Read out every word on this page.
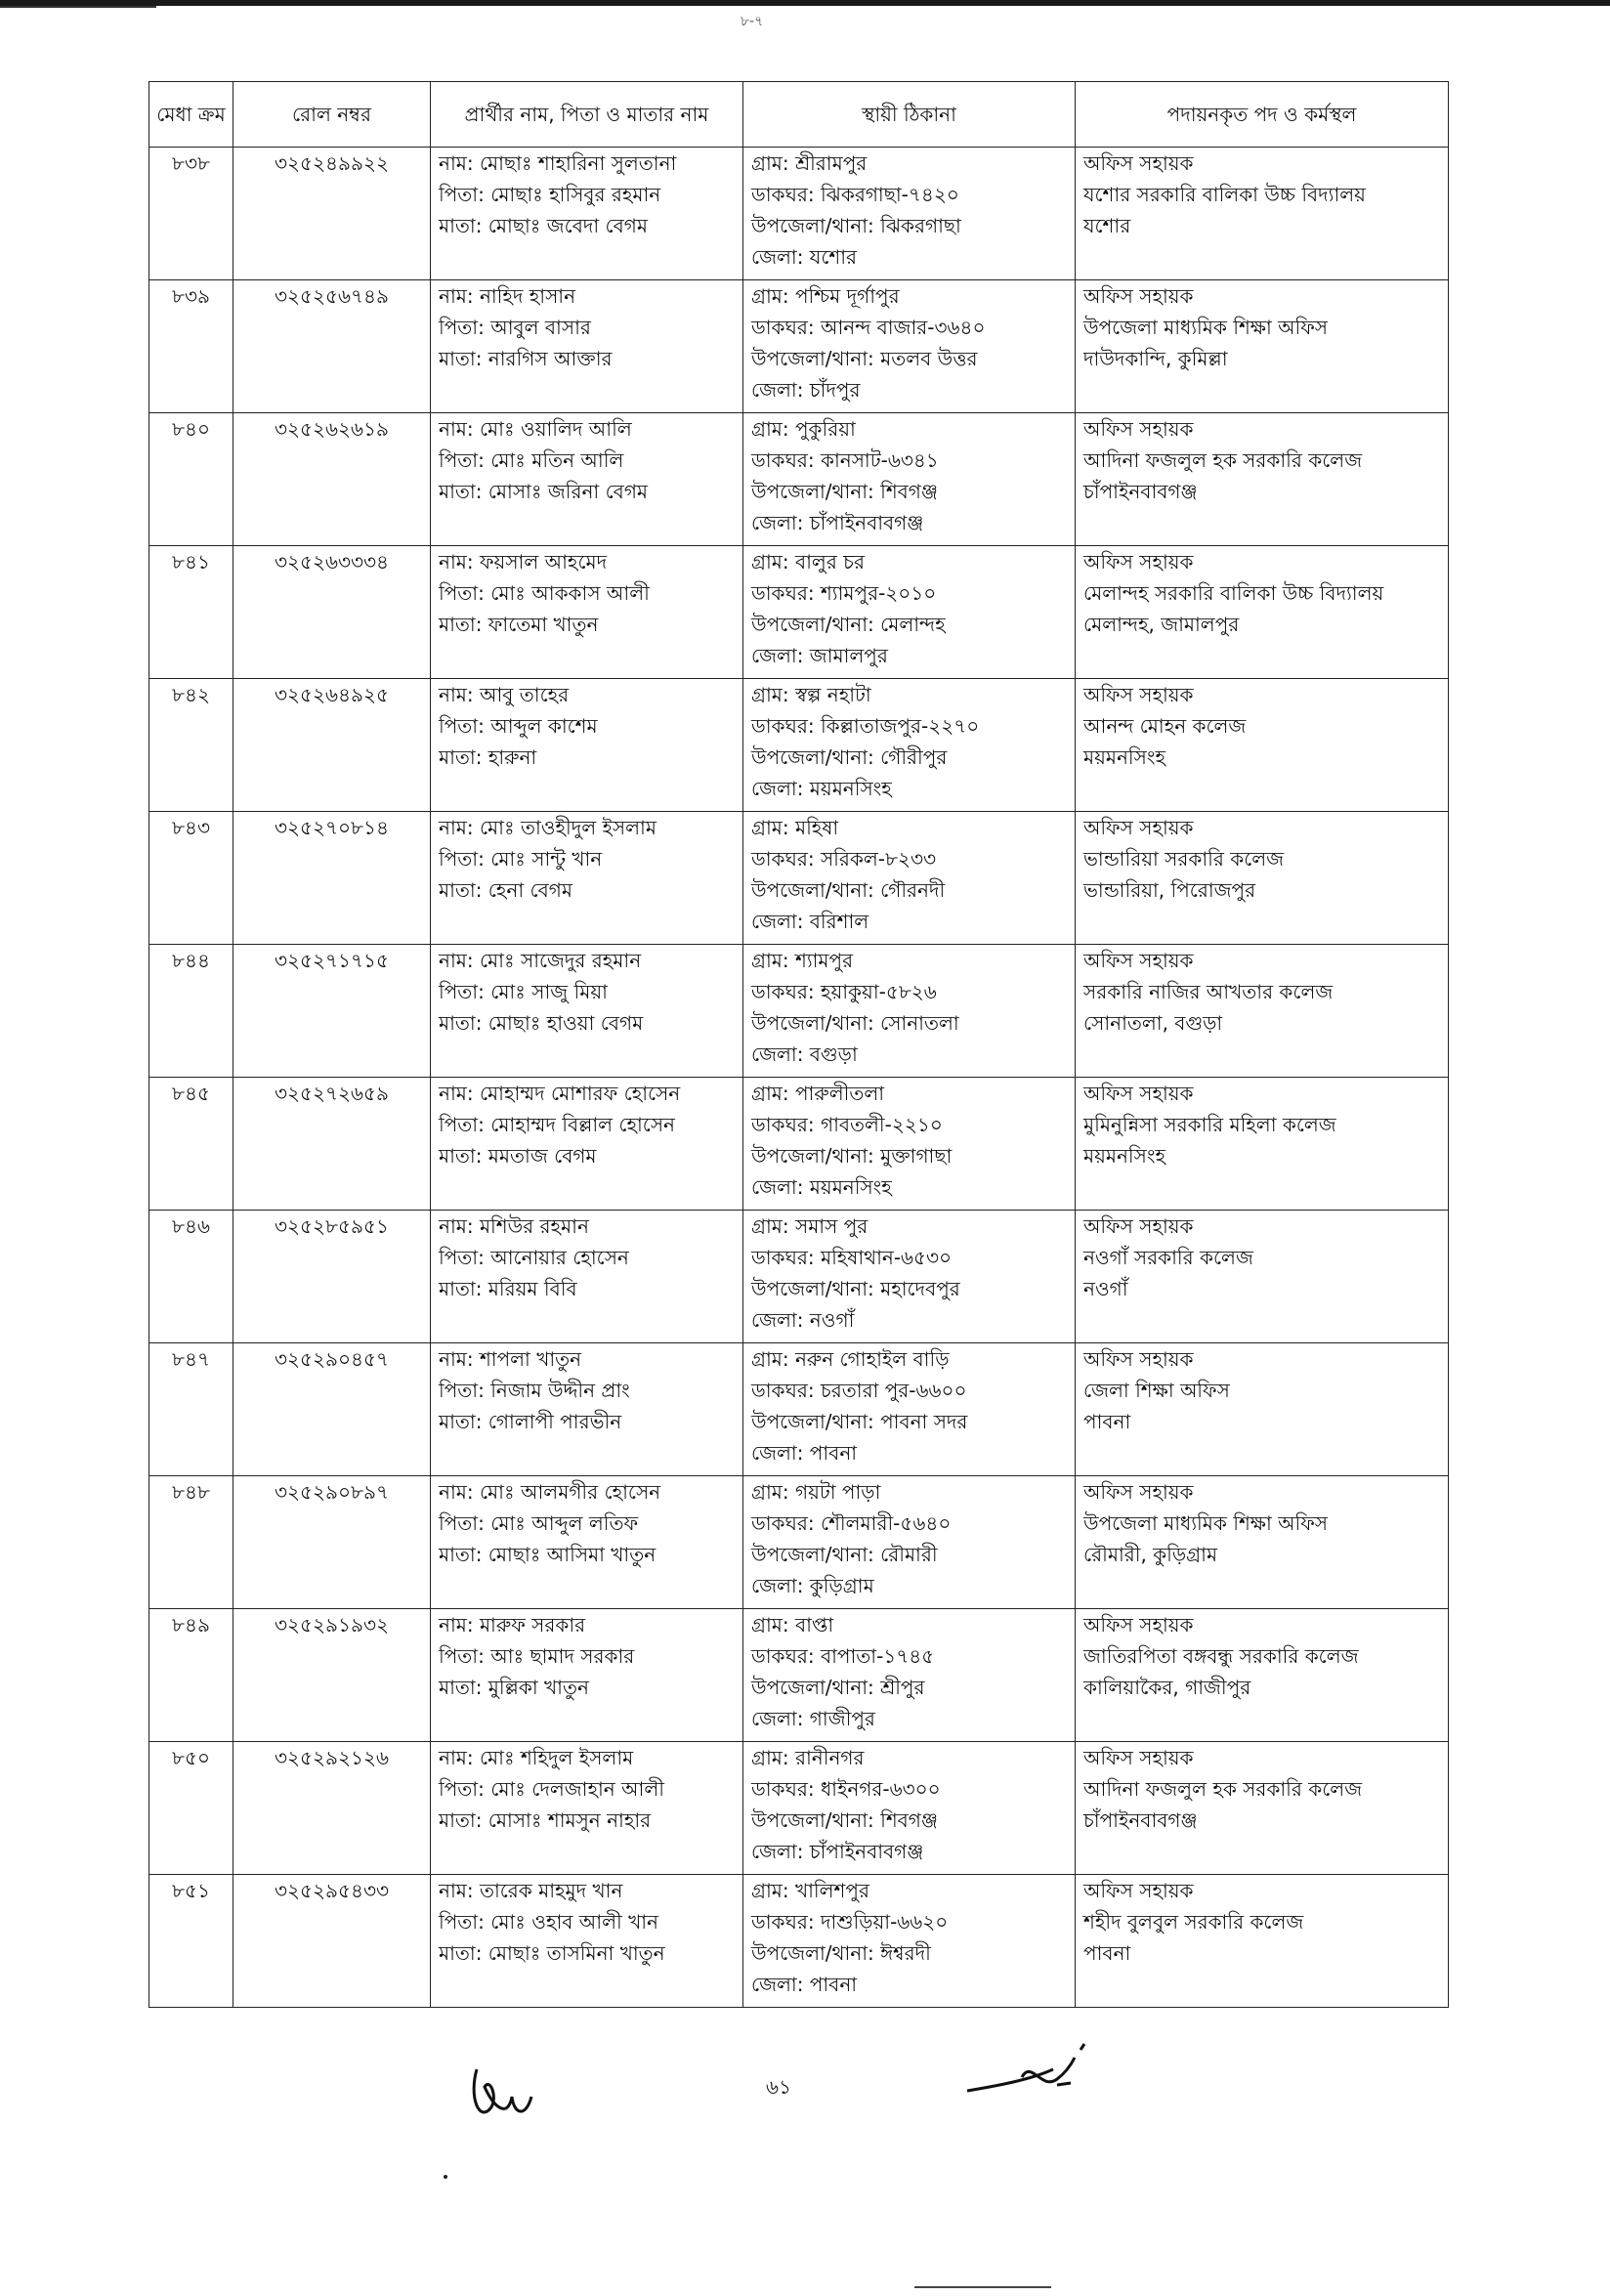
৮-৭
মেধা ক্রম	রোল নম্বর	প্রার্থীর নাম, পিতা ও মাতার নাম	স্থায়ী ঠিকানা	পদায়নকৃত পদ ও কর্মস্থল

৮৩৮	৩২৫২৪৯৯২২	নাম: মোছাঃ শাহারিনা সুলতানা
পিতা: মোছাঃ হাসিবুর রহমান
মাতা: মোছাঃ জবেদা বেগম	গ্রাম: শ্রীরামপুর
ডাকঘর: ঝিকরগাছা-৭৪২০
উপজেলা/থানা: ঝিকরগাছা
জেলা: যশোর	অফিস সহায়ক
যশোর সরকারি বালিকা উচ্চ বিদ্যালয়
যশোর

৮৩৯	৩২৫২৫৬৭৪৯	নাম: নাহিদ হাসান
পিতা: আবুল বাসার
মাতা: নারগিস আক্তার	গ্রাম: পশ্চিম দূর্গাপুর
ডাকঘর: আনন্দ বাজার-৩৬৪০
উপজেলা/থানা: মতলব উত্তর
জেলা: চাঁদপুর	অফিস সহায়ক
উপজেলা মাধ্যমিক শিক্ষা অফিস
দাউদকান্দি, কুমিল্লা

৮৪০	৩২৫২৬২৬১৯	নাম: মোঃ ওয়ালিদ আলি
পিতা: মোঃ মতিন আলি
মাতা: মোসাঃ জরিনা বেগম	গ্রাম: পুকুরিয়া
ডাকঘর: কানসাট-৬৩৪১
উপজেলা/থানা: শিবগঞ্জ
জেলা: চাঁপাইনবাবগঞ্জ	অফিস সহায়ক
আদিনা ফজলুল হক সরকারি কলেজ
চাঁপাইনবাবগঞ্জ

৮৪১	৩২৫২৬৩৩৩৪	নাম: ফয়সাল আহমেদ
পিতা: মোঃ আককাস আলী
মাতা: ফাতেমা খাতুন	গ্রাম: বালুর চর
ডাকঘর: শ্যামপুর-২০১০
উপজেলা/থানা: মেলান্দহ
জেলা: জামালপুর	অফিস সহায়ক
মেলান্দহ সরকারি বালিকা উচ্চ বিদ্যালয়
মেলান্দহ, জামালপুর

৮৪২	৩২৫২৬৪৯২৫	নাম: আবু তাহের
পিতা: আব্দুল কাশেম
মাতা: হারুনা	গ্রাম: স্বল্প নহাটা
ডাকঘর: কিল্লাতাজপুর-২২৭০
উপজেলা/থানা: গৌরীপুর
জেলা: ময়মনসিংহ	অফিস সহায়ক
আনন্দ মোহন কলেজ
ময়মনসিংহ

৮৪৩	৩২৫২৭০৮১৪	নাম: মোঃ তাওহীদুল ইসলাম
পিতা: মোঃ সান্টু খান
মাতা: হেনা বেগম	গ্রাম: মহিষা
ডাকঘর: সরিকল-৮২৩৩
উপজেলা/থানা: গৌরনদী
জেলা: বরিশাল	অফিস সহায়ক
ভান্ডারিয়া সরকারি কলেজ
ভান্ডারিয়া, পিরোজপুর

৮৪৪	৩২৫২৭১৭১৫	নাম: মোঃ সাজেদুর রহমান
পিতা: মোঃ সাজু মিয়া
মাতা: মোছাঃ হাওয়া বেগম	গ্রাম: শ্যামপুর
ডাকঘর: হয়াকুয়া-৫৮২৬
উপজেলা/থানা: সোনাতলা
জেলা: বগুড়া	অফিস সহায়ক
সরকারি নাজির আখতার কলেজ
সোনাতলা, বগুড়া

৮৪৫	৩২৫২৭২৬৫৯	নাম: মোহাম্মদ মোশারফ হোসেন
পিতা: মোহাম্মদ বিল্লাল হোসেন
মাতা: মমতাজ বেগম	গ্রাম: পারুলীতলা
ডাকঘর: গাবতলী-২২১০
উপজেলা/থানা: মুক্তাগাছা
জেলা: ময়মনসিংহ	অফিস সহায়ক
মুমিনুন্নিসা সরকারি মহিলা কলেজ
ময়মনসিংহ

৮৪৬	৩২৫২৮৫৯৫১	নাম: মশিউর রহমান
পিতা: আনোয়ার হোসেন
মাতা: মরিয়ম বিবি	গ্রাম: সমাস পুর
ডাকঘর: মহিষাথান-৬৫৩০
উপজেলা/থানা: মহাদেবপুর
জেলা: নওগাঁ	অফিস সহায়ক
নওগাঁ সরকারি কলেজ
নওগাঁ

৮৪৭	৩২৫২৯০৪৫৭	নাম: শাপলা খাতুন
পিতা: নিজাম উদ্দীন প্রাং
মাতা: গোলাপী পারভীন	গ্রাম: নরুন গোহাইল বাড়ি
ডাকঘর: চরতারা পুর-৬৬০০
উপজেলা/থানা: পাবনা সদর
জেলা: পাবনা	অফিস সহায়ক
জেলা শিক্ষা অফিস
পাবনা

৮৪৮	৩২৫২৯০৮৯৭	নাম: মোঃ আলমগীর হোসেন
পিতা: মোঃ আব্দুল লতিফ
মাতা: মোছাঃ আসিমা খাতুন	গ্রাম: গয়টা পাড়া
ডাকঘর: শৌলমারী-৫৬৪০
উপজেলা/থানা: রৌমারী
জেলা: কুড়িগ্রাম	অফিস সহায়ক
উপজেলা মাধ্যমিক শিক্ষা অফিস
রৌমারী, কুড়িগ্রাম

৮৪৯	৩২৫২৯১৯৩২	নাম: মারুফ সরকার
পিতা: আঃ ছামাদ সরকার
মাতা: মুল্লিকা খাতুন	গ্রাম: বাপ্তা
ডাকঘর: বাপাতা-১৭৪৫
উপজেলা/থানা: শ্রীপুর
জেলা: গাজীপুর	অফিস সহায়ক
জাতিরপিতা বঙ্গবন্ধু সরকারি কলেজ
কালিয়াকৈর, গাজীপুর

৮৫০	৩২৫২৯২১২৬	নাম: মোঃ শহিদুল ইসলাম
পিতা: মোঃ দেলজাহান আলী
মাতা: মোসাঃ শামসুন নাহার	গ্রাম: রানীনগর
ডাকঘর: ধাইনগর-৬৩০০
উপজেলা/থানা: শিবগঞ্জ
জেলা: চাঁপাইনবাবগঞ্জ	অফিস সহায়ক
আদিনা ফজলুল হক সরকারি কলেজ
চাঁপাইনবাবগঞ্জ

৮৫১	৩২৫২৯৫৪৩৩	নাম: তারেক মাহমুদ খান
পিতা: মোঃ ওহাব আলী খান
মাতা: মোছাঃ তাসমিনা খাতুন	গ্রাম: খালিশপুর
ডাকঘর: দাশুড়িয়া-৬৬২০
উপজেলা/থানা: ঈশ্বরদী
জেলা: পাবনা	অফিস সহায়ক
শহীদ বুলবুল সরকারি কলেজ
পাবনা
৬১
